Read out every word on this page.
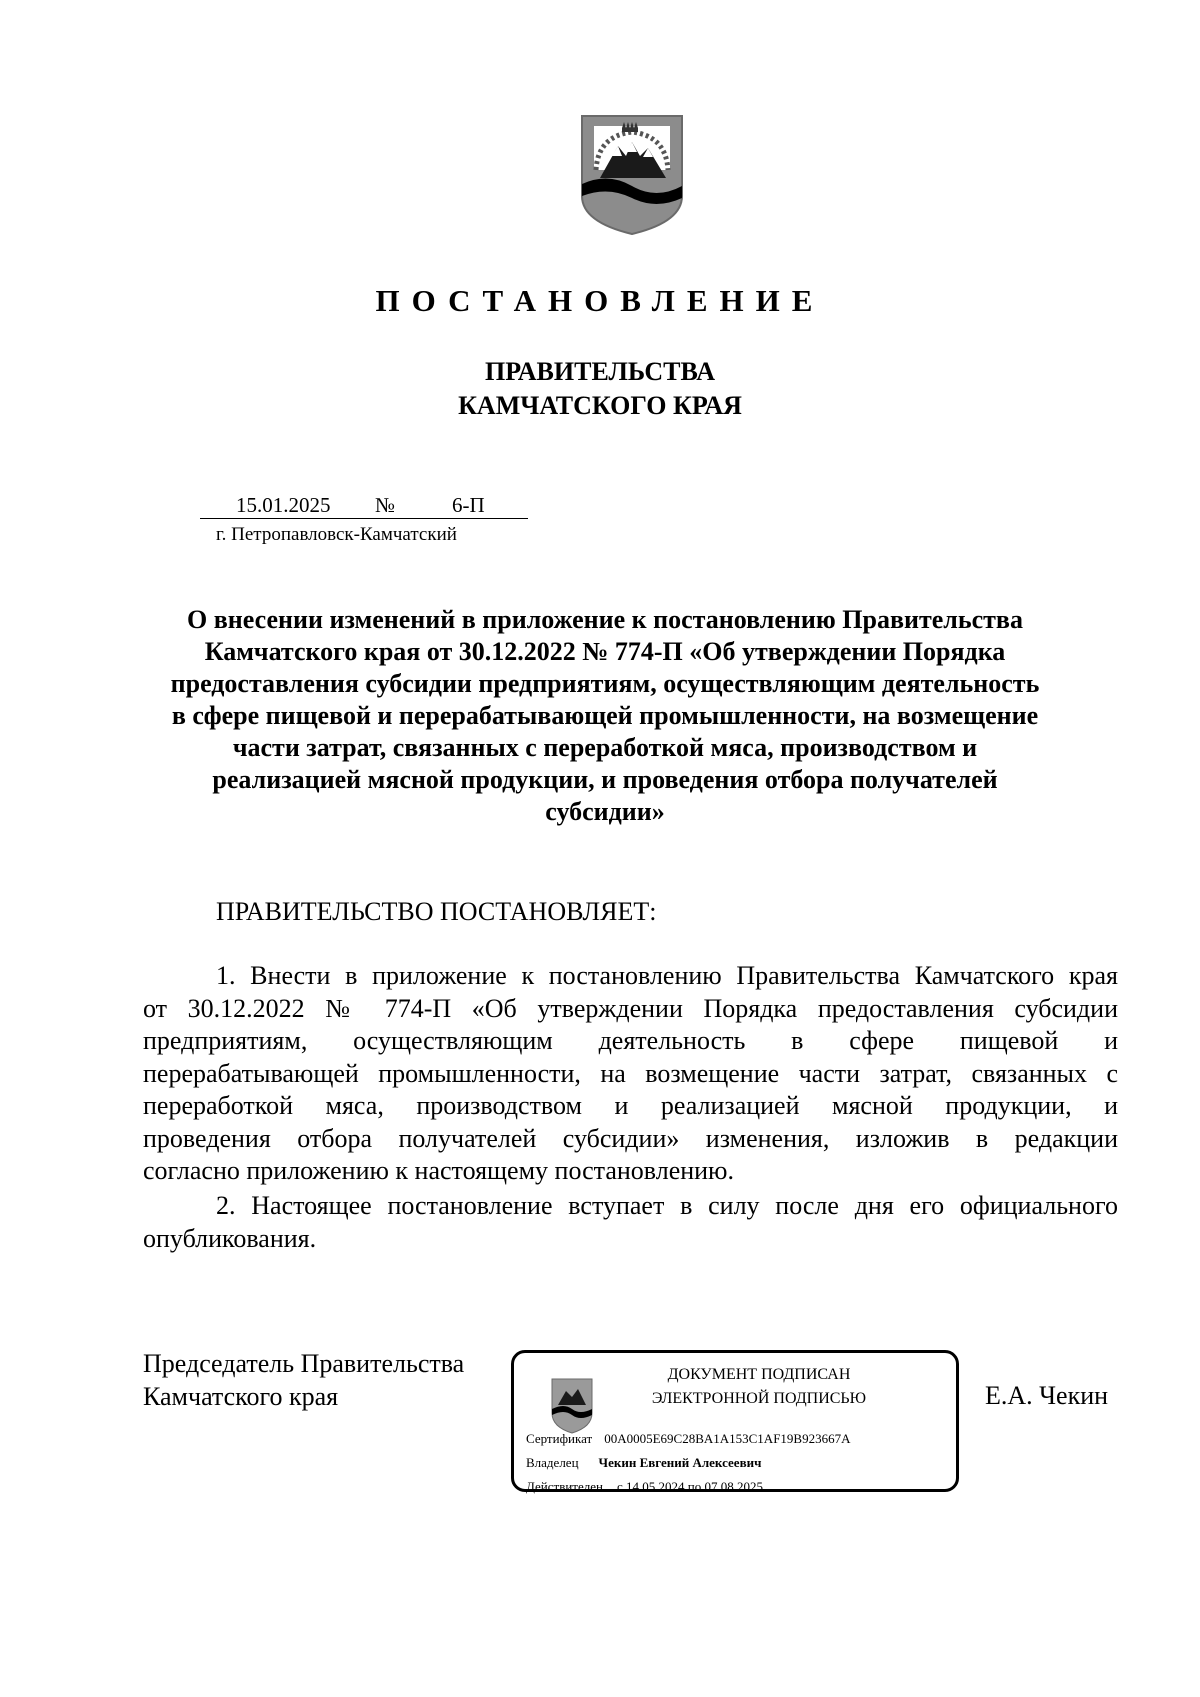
ПОСТАНОВЛЕНИЕ
ПРАВИТЕЛЬСТВА
КАМЧАТСКОГО КРАЯ
15.01.2025 №	6-П
г. Петропавловск-Камчатский
О внесении изменений в приложение к постановлению Правительства
Камчатского края от 30.12.2022 № 774-П «Об утверждении Порядка
предоставления субсидии предприятиям, осуществляющим деятельность
в сфере пищевой и перерабатывающей промышленности, на возмещение
части затрат, связанных с переработкой мяса, производством и
реализацией мясной продукции, и проведения отбора получателей
субсидии»
ПРАВИТЕЛЬСТВО ПОСТАНОВЛЯЕТ:
1. Внести в приложение к постановлению Правительства Камчатского края
от 30.12.2022 № 774-П «Об утверждении Порядка предоставления субсидии
предприятиям, осуществляющим деятельность в сфере пищевой и
перерабатывающей промышленности, на возмещение части затрат, связанных с
переработкой мяса, производством и реализацией мясной продукции, и
проведения отбора получателей субсидии» изменения, изложив в редакции
согласно приложению к настоящему постановлению.
2. Настоящее постановление вступает в силу после дня его официального
опубликования.
Председатель Правительства
Камчатского края
ДОКУМЕНТ ПОДПИСАН
ЭЛЕКТРОННОЙ ПОДПИСЬЮ
Сертификат 00A0005E69C28BA1A153C1AF19B923667A
Владелец Чекин Евгений Алексеевич
Действителен с 14.05.2024 по 07.08.2025
Е.А. Чекин
